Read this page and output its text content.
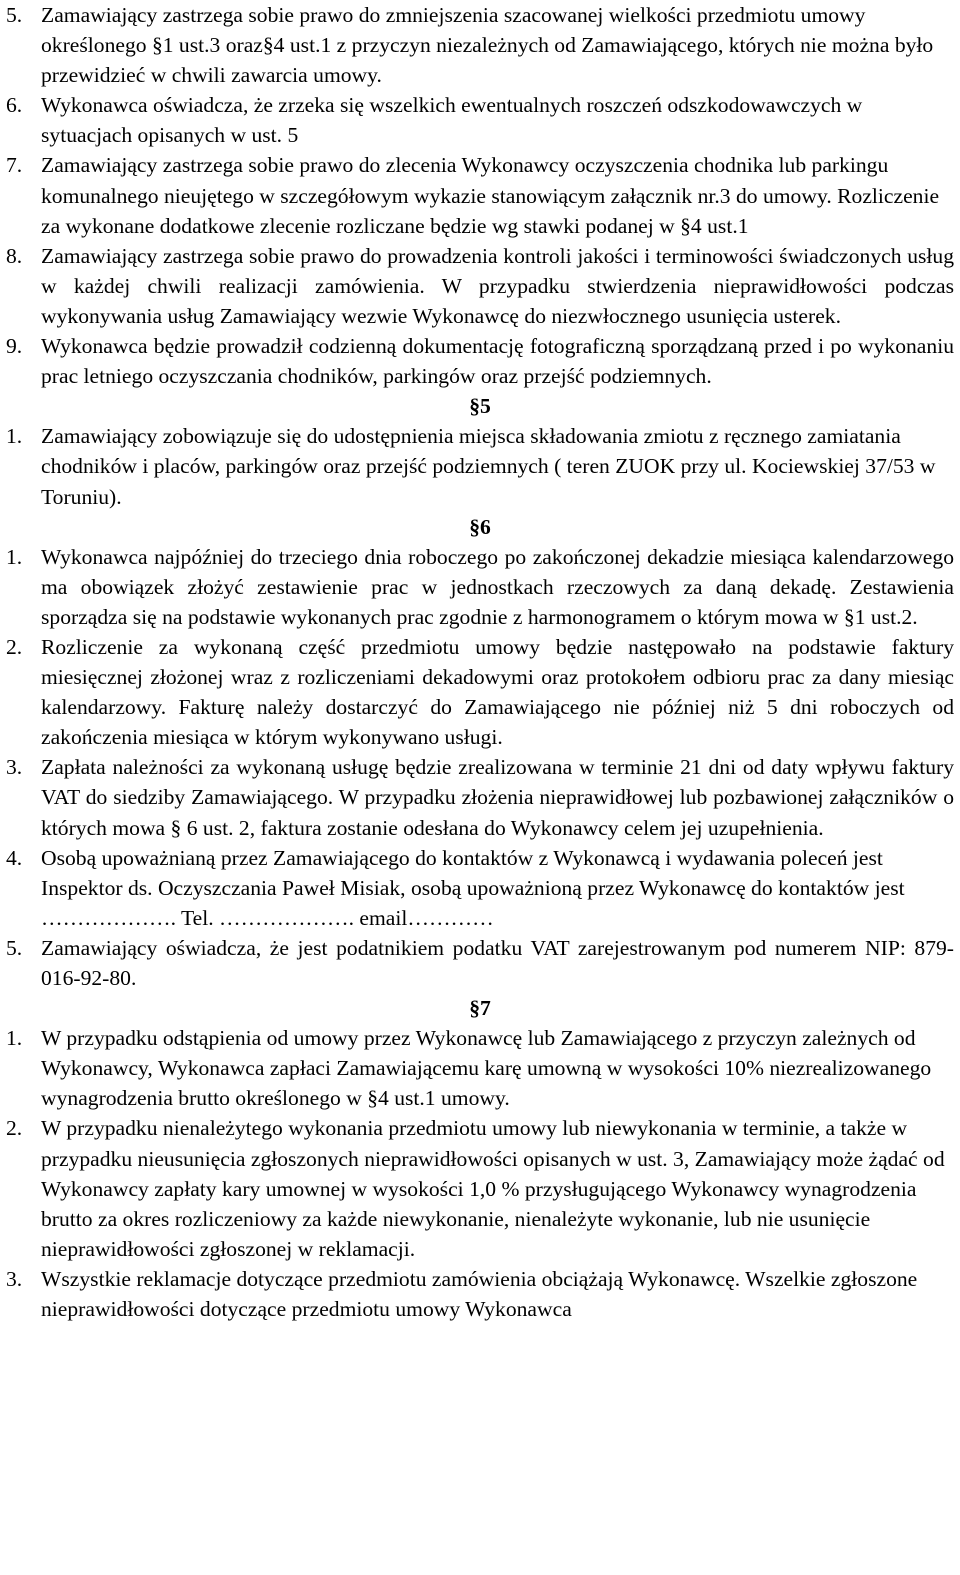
5. Zamawiający zastrzega sobie prawo do zmniejszenia szacowanej wielkości przedmiotu umowy określonego §1 ust.3 oraz§4 ust.1 z przyczyn niezależnych od Zamawiającego, których nie można było przewidzieć w chwili zawarcia umowy.
6. Wykonawca oświadcza, że zrzeka się wszelkich ewentualnych roszczeń odszkodowawczych w sytuacjach opisanych w ust. 5
7. Zamawiający zastrzega sobie prawo do zlecenia Wykonawcy oczyszczenia chodnika lub parkingu komunalnego nieujętego w szczegółowym wykazie stanowiącym załącznik nr.3 do umowy. Rozliczenie za wykonane dodatkowe zlecenie rozliczane będzie wg stawki podanej w §4 ust.1
8. Zamawiający zastrzega sobie prawo do prowadzenia kontroli jakości i terminowości świadczonych usług w każdej chwili realizacji zamówienia. W przypadku stwierdzenia nieprawidłowości podczas wykonywania usług Zamawiający wezwie Wykonawcę do niezwłocznego usunięcia usterek.
9. Wykonawca będzie prowadził codzienną dokumentację fotograficzną sporządzaną przed i po wykonaniu prac letniego oczyszczania chodników, parkingów oraz przejść podziemnych.
§5
1. Zamawiający zobowiązuje się do udostępnienia miejsca składowania zmiotu z ręcznego zamiatania chodników i placów, parkingów oraz przejść podziemnych ( teren ZUOK przy ul. Kociewskiej 37/53 w Toruniu).
§6
1. Wykonawca najpóźniej do trzeciego dnia roboczego po zakończonej dekadzie miesiąca kalendarzowego ma obowiązek złożyć zestawienie prac w jednostkach rzeczowych za daną dekadę. Zestawienia sporządza się na podstawie wykonanych prac zgodnie z harmonogramem o którym mowa w §1 ust.2.
2. Rozliczenie za wykonaną część przedmiotu umowy będzie następowało na podstawie faktury miesięcznej złożonej wraz z rozliczeniami dekadowymi oraz protokołem odbioru prac za dany miesiąc kalendarzowy. Fakturę należy dostarczyć do Zamawiającego nie później niż 5 dni roboczych od zakończenia miesiąca w którym wykonywano usługi.
3. Zapłata należności za wykonaną usługę będzie zrealizowana w terminie 21 dni od daty wpływu faktury VAT do siedziby Zamawiającego. W przypadku złożenia nieprawidłowej lub pozbawionej załączników o których mowa § 6 ust. 2, faktura zostanie odesłana do Wykonawcy celem jej uzupełnienia.
4. Osobą upoważnianą przez Zamawiającego do kontaktów z Wykonawcą i wydawania poleceń jest Inspektor ds. Oczyszczania Paweł Misiak, osobą upoważnioną przez Wykonawcę do kontaktów jest ………………. Tel. ………………. email…………
5. Zamawiający oświadcza, że jest podatnikiem podatku VAT zarejestrowanym pod numerem NIP: 879-016-92-80.
§7
1. W przypadku odstąpienia od umowy przez Wykonawcę lub Zamawiającego z przyczyn zależnych od Wykonawcy, Wykonawca zapłaci Zamawiającemu karę umowną w wysokości 10% niezrealizowanego wynagrodzenia brutto określonego w §4 ust.1 umowy.
2. W przypadku nienależytego wykonania przedmiotu umowy lub niewykonania w terminie, a także w przypadku nieusunięcia zgłoszonych nieprawidłowości opisanych w ust. 3, Zamawiający może żądać od Wykonawcy zapłaty kary umownej w wysokości 1,0 % przysługującego Wykonawcy wynagrodzenia brutto za okres rozliczeniowy za każde niewykonanie, nienależyte wykonanie, lub nie usunięcie nieprawidłowości zgłoszonej w reklamacji.
3. Wszystkie reklamacje dotyczące przedmiotu zamówienia obciążają Wykonawcę. Wszelkie zgłoszone nieprawidłowości dotyczące przedmiotu umowy Wykonawca
